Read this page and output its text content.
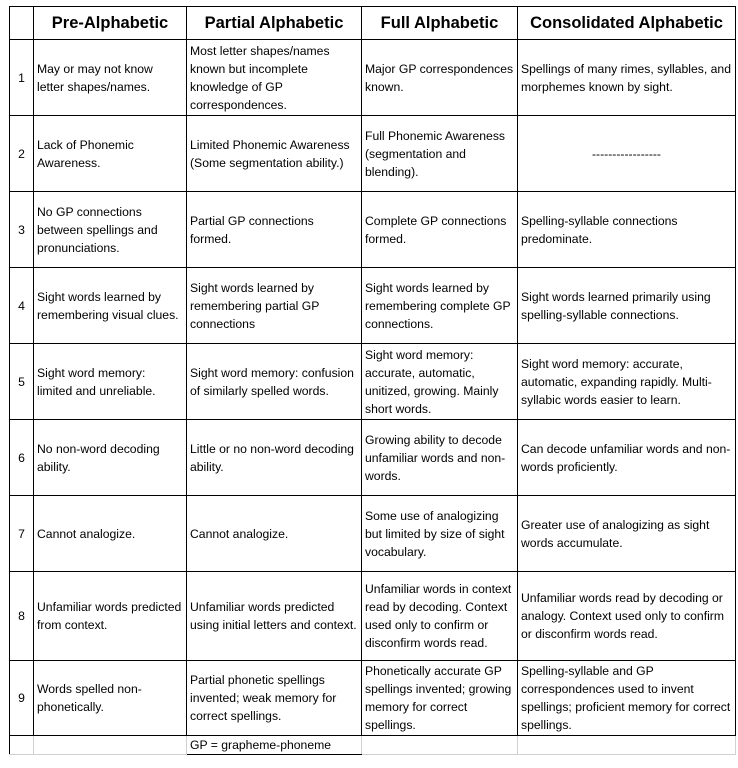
	Pre-Alphabetic	Partial Alphabetic	Full Alphabetic	Consolidated Alphabetic
1	May or may not know letter shapes/names.	Most letter shapes/names known but incomplete knowledge of GP correspondences.	Major GP correspondences known.	Spellings of many rimes, syllables, and morphemes known by sight.
2	Lack of Phonemic Awareness.	Limited Phonemic Awareness (Some segmentation ability.)	Full Phonemic Awareness (segmentation and blending).	-----------------
3	No GP connections between spellings and pronunciations.	Partial GP connections formed.	Complete GP connections formed.	Spelling-syllable connections predominate.
4	Sight words learned by remembering visual clues.	Sight words learned by remembering partial GP connections	Sight words learned by remembering complete GP connections.	Sight words learned primarily using spelling-syllable connections.
5	Sight word memory: limited and unreliable.	Sight word memory: confusion of similarly spelled words.	Sight word memory: accurate, automatic, unitized, growing. Mainly short words.	Sight word memory: accurate, automatic, expanding rapidly. Multi-syllabic words easier to learn.
6	No non-word decoding ability.	Little or no non-word decoding ability.	Growing ability to decode unfamiliar words and non-words.	Can decode unfamiliar words and non-words proficiently.
7	Cannot analogize.	Cannot analogize.	Some use of analogizing but limited by size of sight vocabulary.	Greater use of analogizing as sight words accumulate.
8	Unfamiliar words predicted from context.	Unfamiliar words predicted using initial letters and context.	Unfamiliar words in context read by decoding. Context used only to confirm or disconfirm words read.	Unfamiliar words read by decoding or analogy. Context used only to confirm or disconfirm words read.
9	Words spelled non-phonetically.	Partial phonetic spellings invented; weak memory for correct spellings.	Phonetically accurate GP spellings invented; growing memory for correct spellings.	Spelling-syllable and GP correspondences used to invent spellings; proficient memory for correct spellings.
		GP = grapheme-phoneme		
